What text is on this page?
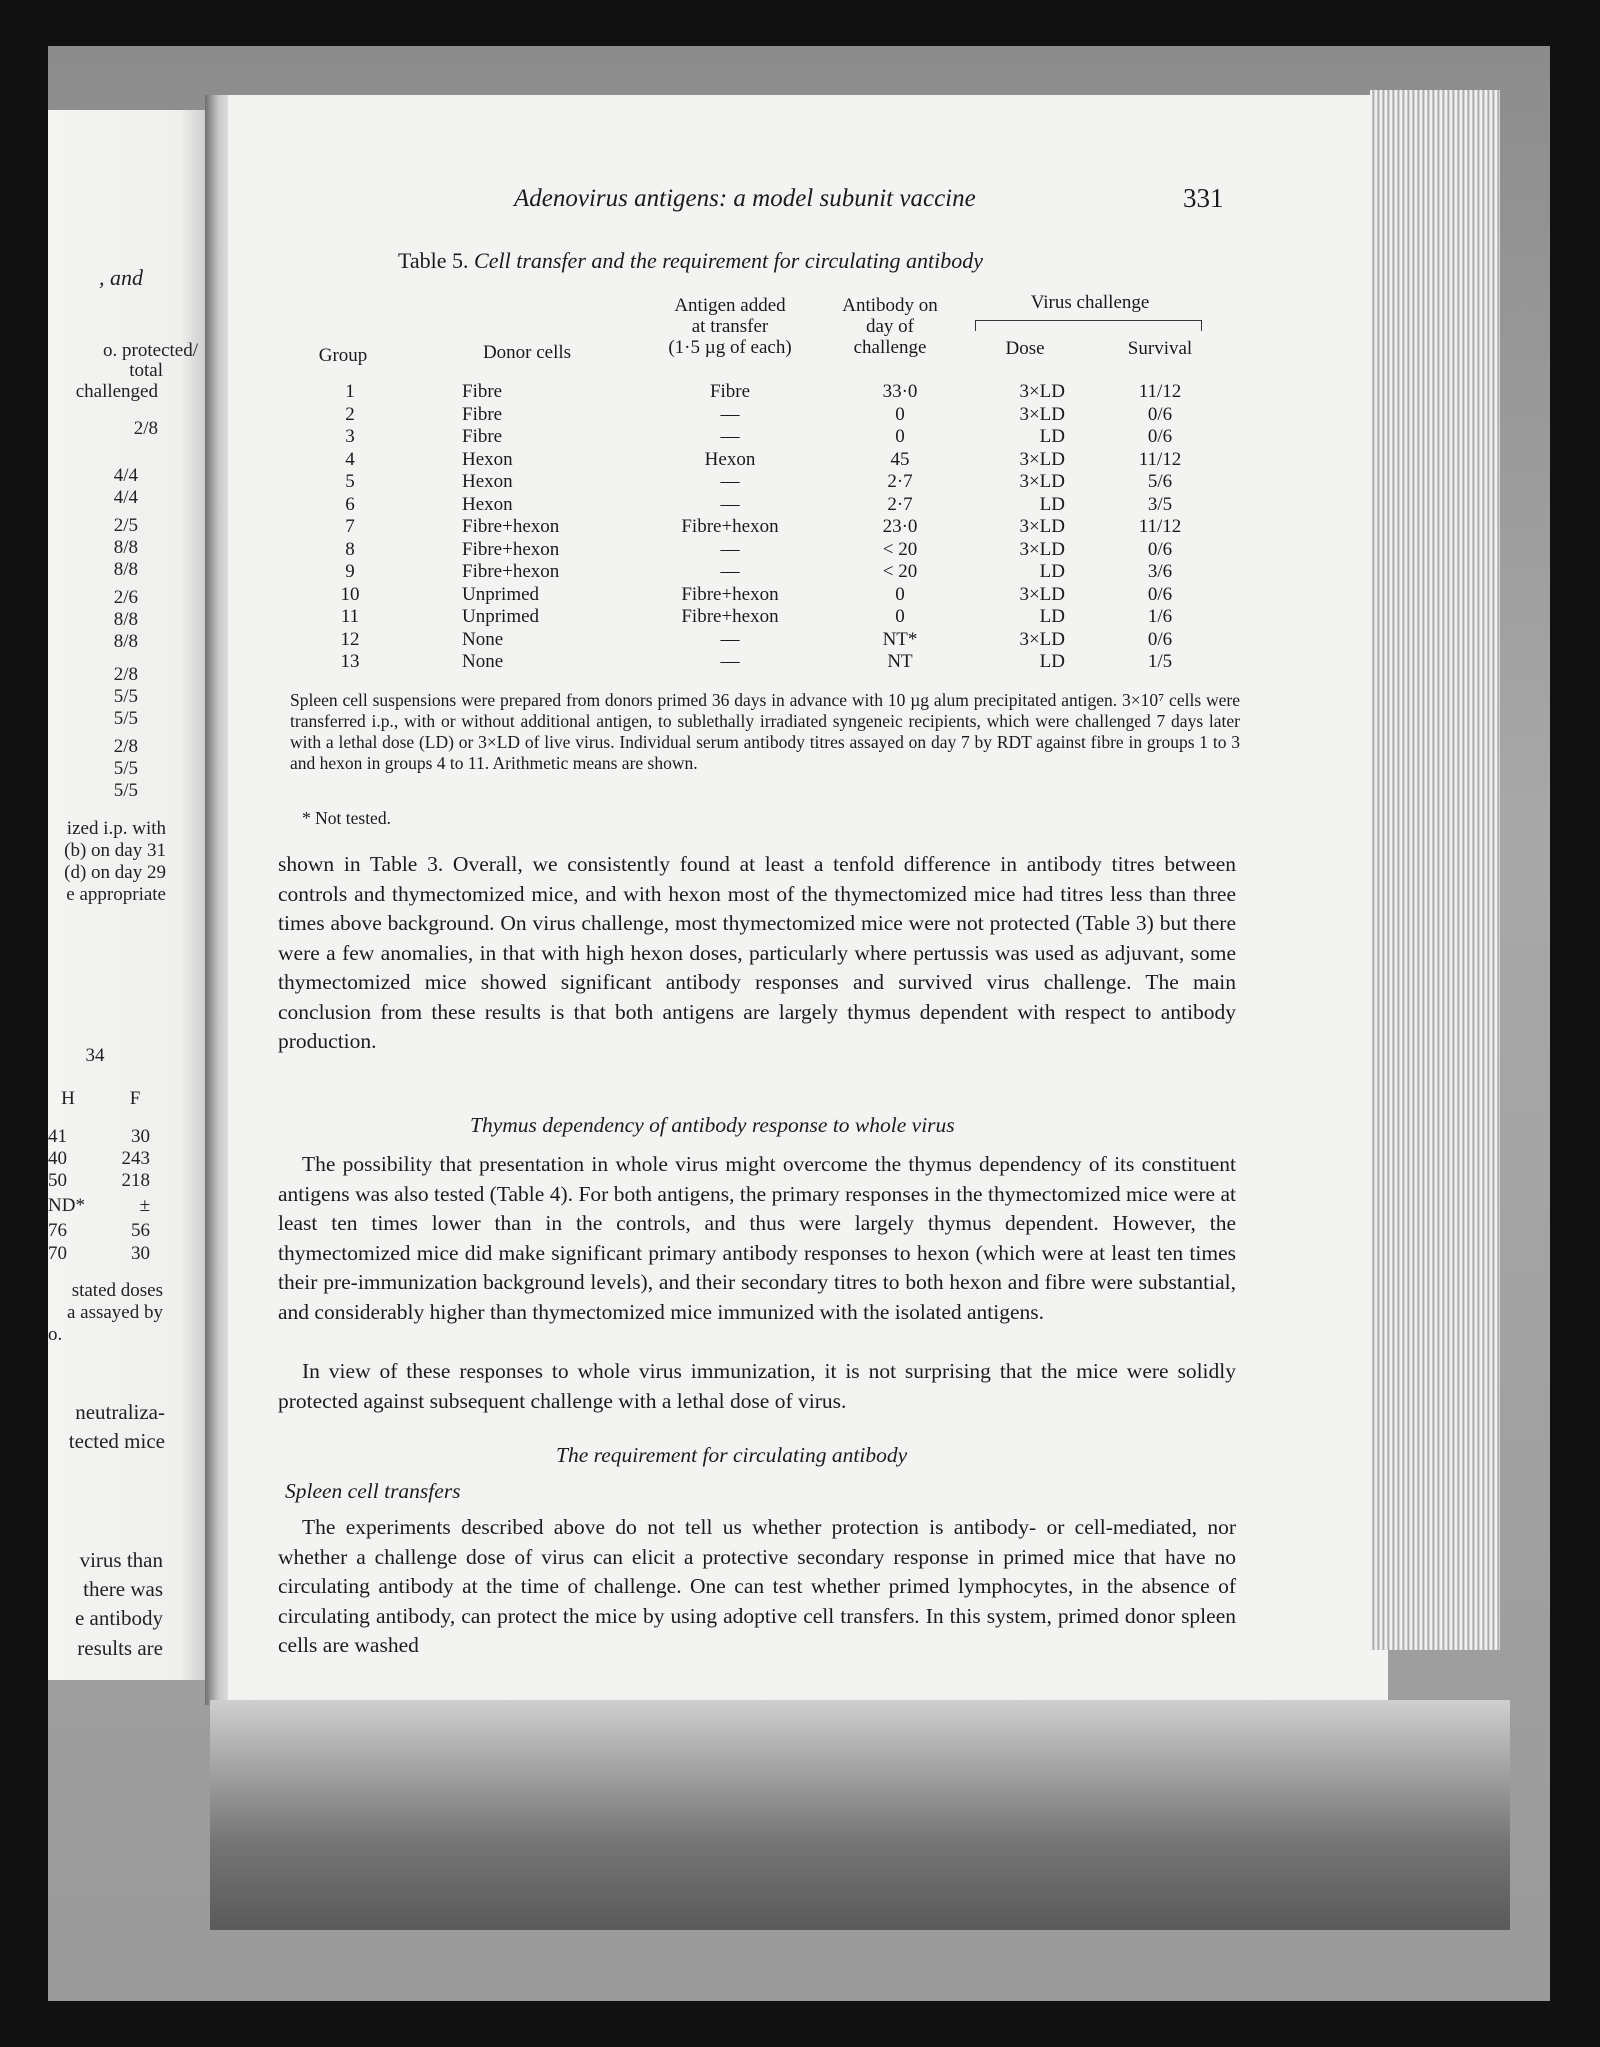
, and
o. protected/
total
challenged
2/8
4/4
4/4
2/5
8/8
8/8
2/6
8/8
8/8
2/8
5/5
5/5
2/8
5/5
5/5
ized i.p. with
(b) on day 31
(d) on day 29
e appropriate
34
H	F
41	30
40	243
50	218
ND*	±
76	56
70	30
stated doses
a assayed by
o.
neutraliza-
tected mice
virus than
there was
e antibody
results are
Adenovirus antigens: a model subunit vaccine	331
Table 5. Cell transfer and the requirement for circulating antibody
Group	Donor cells
Antigen added
at transfer
(1·5 µg of each)
Antibody on
day of
challenge
Virus challenge
Dose	Survival
1	Fibre	Fibre	33·0	3×LD	11/12
2	Fibre	—	0	3×LD	0/6
3	Fibre	—	0	LD	0/6
4	Hexon	Hexon	45	3×LD	11/12
5	Hexon	—	2·7	3×LD	5/6
6	Hexon	—	2·7	LD	3/5
7	Fibre+hexon	Fibre+hexon	23·0	3×LD	11/12
8	Fibre+hexon	—	< 20	3×LD	0/6
9	Fibre+hexon	—	< 20	LD	3/6
10	Unprimed	Fibre+hexon	0	3×LD	0/6
11	Unprimed	Fibre+hexon	0	LD	1/6
12	None	—	NT*	3×LD	0/6
13	None	—	NT	LD	1/5
Spleen cell suspensions were prepared from donors primed 36 days in advance with 10 µg alum precipitated antigen. 3×10⁷ cells were transferred i.p., with or without additional antigen, to sublethally irradiated syngeneic recipients, which were challenged 7 days later with a lethal dose (LD) or 3×LD of live virus. Individual serum antibody titres assayed on day 7 by RDT against fibre in groups 1 to 3 and hexon in groups 4 to 11. Arithmetic means are shown.
* Not tested.
shown in Table 3. Overall, we consistently found at least a tenfold difference in antibody titres between controls and thymectomized mice, and with hexon most of the thymectomized mice had titres less than three times above background. On virus challenge, most thymectomized mice were not protected (Table 3) but there were a few anomalies, in that with high hexon doses, particularly where pertussis was used as adjuvant, some thymectomized mice showed significant antibody responses and survived virus challenge. The main conclusion from these results is that both antigens are largely thymus dependent with respect to antibody production.
Thymus dependency of antibody response to whole virus
The possibility that presentation in whole virus might overcome the thymus dependency of its constituent antigens was also tested (Table 4). For both antigens, the primary responses in the thymectomized mice were at least ten times lower than in the controls, and thus were largely thymus dependent. However, the thymectomized mice did make significant primary antibody responses to hexon (which were at least ten times their pre-immunization background levels), and their secondary titres to both hexon and fibre were substantial, and considerably higher than thymectomized mice immunized with the isolated antigens.
In view of these responses to whole virus immunization, it is not surprising that the mice were solidly protected against subsequent challenge with a lethal dose of virus.
The requirement for circulating antibody
Spleen cell transfers
The experiments described above do not tell us whether protection is antibody- or cell-mediated, nor whether a challenge dose of virus can elicit a protective secondary response in primed mice that have no circulating antibody at the time of challenge. One can test whether primed lymphocytes, in the absence of circulating antibody, can protect the mice by using adoptive cell transfers. In this system, primed donor spleen cells are washed
